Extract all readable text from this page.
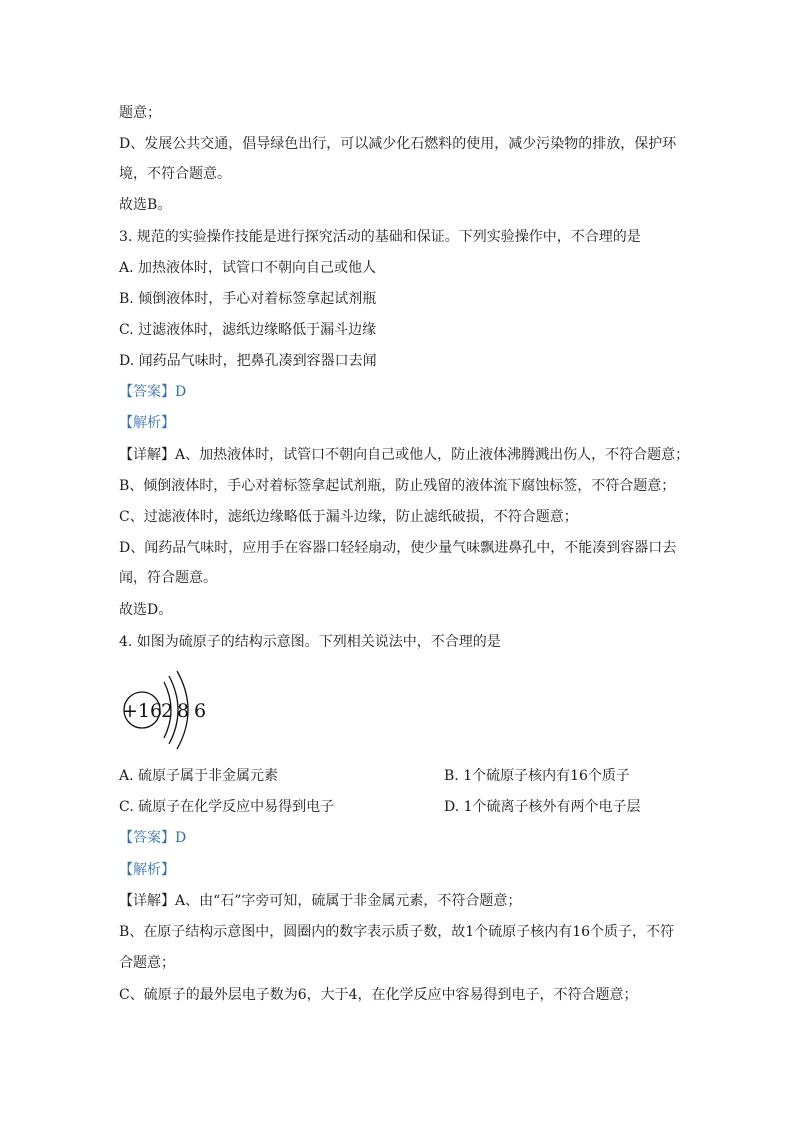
题意；
D、发展公共交通，倡导绿色出行，可以减少化石燃料的使用，减少污染物的排放，保护环
境，不符合题意。
故选B。
3. 规范的实验操作技能是进行探究活动的基础和保证。下列实验操作中，不合理的是
A. 加热液体时，试管口不朝向自己或他人
B. 倾倒液体时，手心对着标签拿起试剂瓶
C. 过滤液体时，滤纸边缘略低于漏斗边缘
D. 闻药品气味时，把鼻孔凑到容器口去闻
【答案】D
【解析】
【详解】A、加热液体时，试管口不朝向自己或他人，防止液体沸腾溅出伤人，不符合题意；
B、倾倒液体时，手心对着标签拿起试剂瓶，防止残留的液体流下腐蚀标签，不符合题意；
C、过滤液体时，滤纸边缘略低于漏斗边缘，防止滤纸破损，不符合题意；
D、闻药品气味时，应用手在容器口轻轻扇动，使少量气味飘进鼻孔中，不能凑到容器口去
闻，符合题意。
故选D。
4. 如图为硫原子的结构示意图。下列相关说法中，不合理的是
+16
2 8 6
A. 硫原子属于非金属元素	B. 1个硫原子核内有16个质子
C. 硫原子在化学反应中易得到电子	D. 1个硫离子核外有两个电子层
【答案】D
【解析】
【详解】A、由“石”字旁可知，硫属于非金属元素，不符合题意；
B、在原子结构示意图中，圆圈内的数字表示质子数，故1个硫原子核内有16个质子，不符
合题意；
C、硫原子的最外层电子数为6，大于4，在化学反应中容易得到电子，不符合题意；
